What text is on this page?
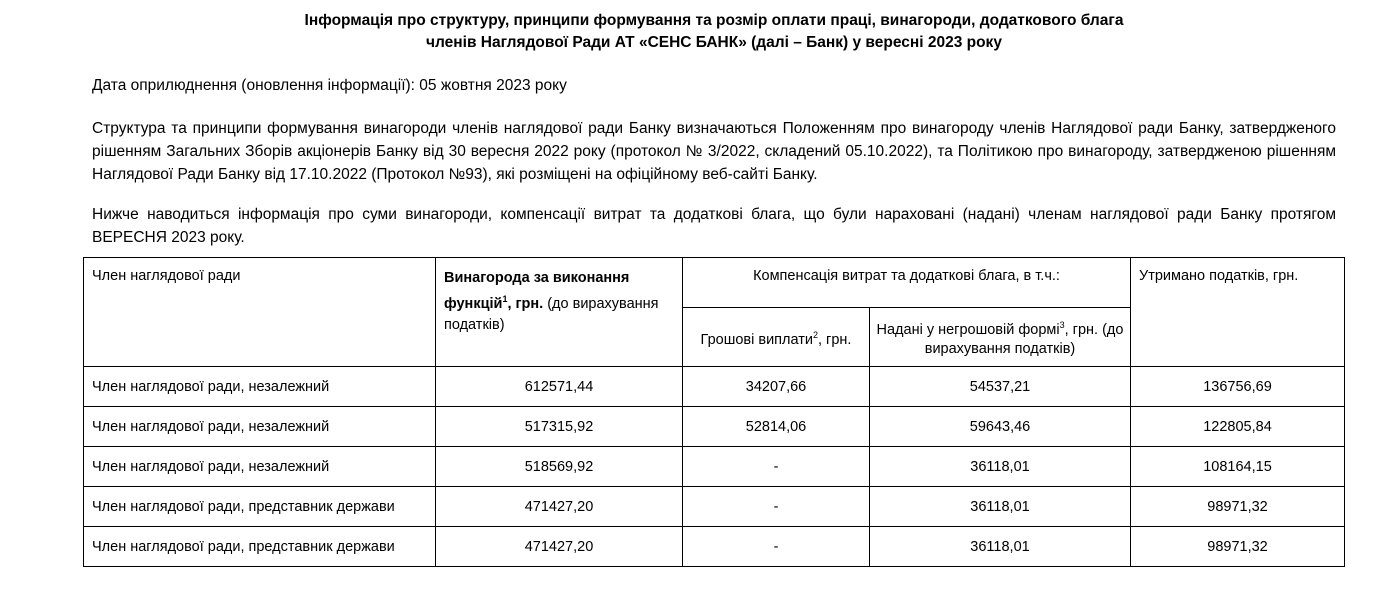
Інформація про структуру, принципи формування та розмір оплати праці, винагороди, додаткового блага
членів Наглядової Ради АТ «СЕНС БАНК» (далі – Банк) у вересні 2023 року

Дата оприлюднення (оновлення інформації): 05 жовтня 2023 року

Структура та принципи формування винагороди членів наглядової ради Банку визначаються Положенням про винагороду членів Наглядової ради Банку, затвердженого рішенням Загальних Зборів акціонерів Банку від 30 вересня 2022 року (протокол № 3/2022, складений 05.10.2022), та Політикою про винагороду, затвердженою рішенням Наглядової Ради Банку від 17.10.2022 (Протокол №93), які розміщені на офіційному веб-сайті Банку.

Нижче наводиться інформація про суми винагороди, компенсації витрат та додаткові блага, що були нараховані (надані) членам наглядової ради Банку протягом ВЕРЕСНЯ 2023 року.

Член наглядової ради	Винагорода за виконання функцій$^1$, грн. (до вирахування податків)	Компенсація витрат та додаткові блага, в т.ч.:		Утримано податків, грн.
		Грошові виплати$^2$, грн.	Надані у негрошовій формі$^3$, грн. (до вирахування податків)	
Член наглядової ради, незалежний	612571,44	34207,66	54537,21	136756,69
Член наглядової ради, незалежний	517315,92	52814,06	59643,46	122805,84
Член наглядової ради, незалежний	518569,92	-	36118,01	108164,15
Член наглядової ради, представник держави	471427,20	-	36118,01	98971,32
Член наглядової ради, представник держави	471427,20	-	36118,01	98971,32
